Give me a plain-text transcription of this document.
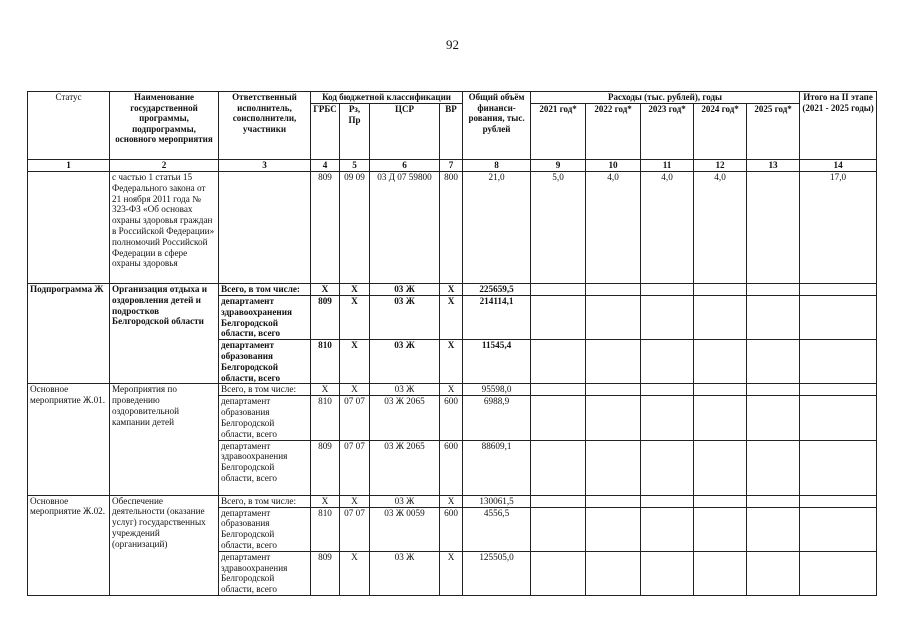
92
Статус	Наименование государственной программы, подпрограммы, основного мероприятия	Ответственный исполнитель, соисполнители, участники	Код бюджетной классификации				Общий объём финанси-рования, тыс. рублей	Расходы (тыс. рублей), годы					Итого на II этапе (2021 - 2025 годы)
			ГРБС	Рз, Пр	ЦСР	ВР		2021 год*	2022 год*	2023 год*	2024 год*	2025 год*	
1	2	3	4	5	6	7	8	9	10	11	12	13	14
	с частью 1 статьи 15 Федерального закона от 21 ноября 2011 года № 323-ФЗ «Об основах охраны здоровья граждан в Российской Федерации» полномочий Российской Федерации в сфере охраны здоровья		809	09 09	03 Д 07 59800	800	21,0	5,0	4,0	4,0	4,0		17,0
Подпрограмма Ж	Организация отдыха и оздоровления детей и подростков Белгородской области	Всего, в том числе:	Х	Х	03 Ж	Х	225659,5						
		департамент здравоохранения Белгородской области, всего	809	Х	03 Ж	Х	214114,1						
		департамент образования Белгородской области, всего	810	Х	03 Ж	Х	11545,4						
Основное мероприятие Ж.01.	Мероприятия по проведению оздоровительной кампании детей	Всего, в том числе:	Х	Х	03 Ж	Х	95598,0						
		департамент образования Белгородской области, всего	810	07 07	03 Ж 2065	600	6988,9						
		департамент здравоохранения Белгородской области, всего	809	07 07	03 Ж 2065	600	88609,1						
Основное мероприятие Ж.02.	Обеспечение деятельности (оказание услуг) государственных учреждений (организаций)	Всего, в том числе:	Х	Х	03 Ж	Х	130061,5						
		департамент образования Белгородской области, всего	810	07 07	03 Ж 0059	600	4556,5						
		департамент здравоохранения Белгородской области, всего	809	Х	03 Ж	Х	125505,0						
